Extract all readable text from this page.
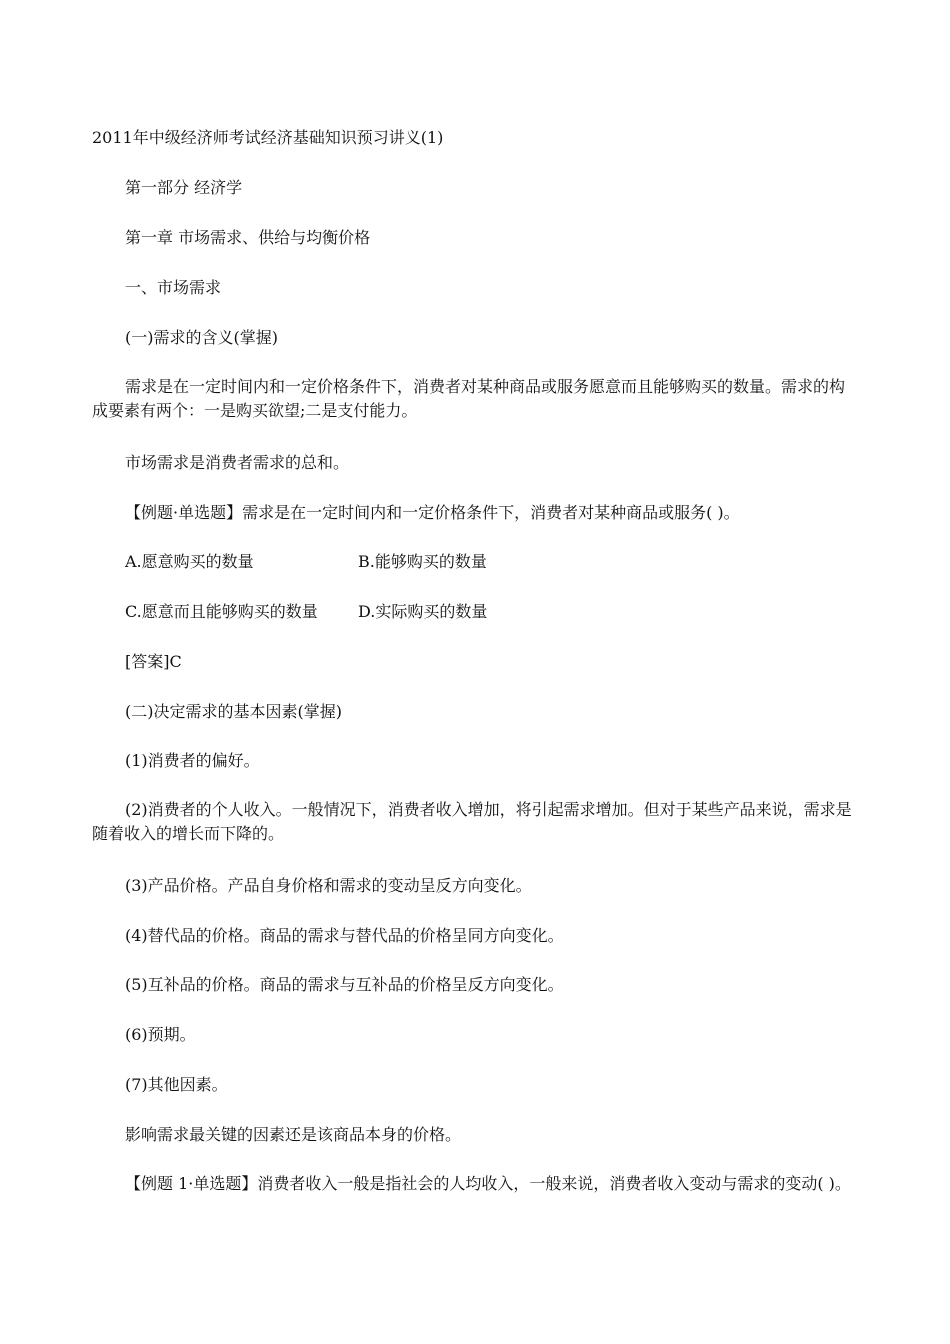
2011年中级经济师考试经济基础知识预习讲义(1)

第一部分 经济学

第一章 市场需求、供给与均衡价格

一、市场需求

(一)需求的含义(掌握)

需求是在一定时间内和一定价格条件下，消费者对某种商品或服务愿意而且能够购买的数量。需求的构成要素有两个：一是购买欲望;二是支付能力。

市场需求是消费者需求的总和。

【例题·单选题】需求是在一定时间内和一定价格条件下，消费者对某种商品或服务( )。

A.愿意购买的数量	B.能够购买的数量

C.愿意而且能够购买的数量	D.实际购买的数量

[答案]C

(二)决定需求的基本因素(掌握)

(1)消费者的偏好。

(2)消费者的个人收入。一般情况下，消费者收入增加，将引起需求增加。但对于某些产品来说，需求是随着收入的增长而下降的。

(3)产品价格。产品自身价格和需求的变动呈反方向变化。

(4)替代品的价格。商品的需求与替代品的价格呈同方向变化。

(5)互补品的价格。商品的需求与互补品的价格呈反方向变化。

(6)预期。

(7)其他因素。

影响需求最关键的因素还是该商品本身的价格。

【例题 1·单选题】消费者收入一般是指社会的人均收入，一般来说，消费者收入变动与需求的变动( )。
